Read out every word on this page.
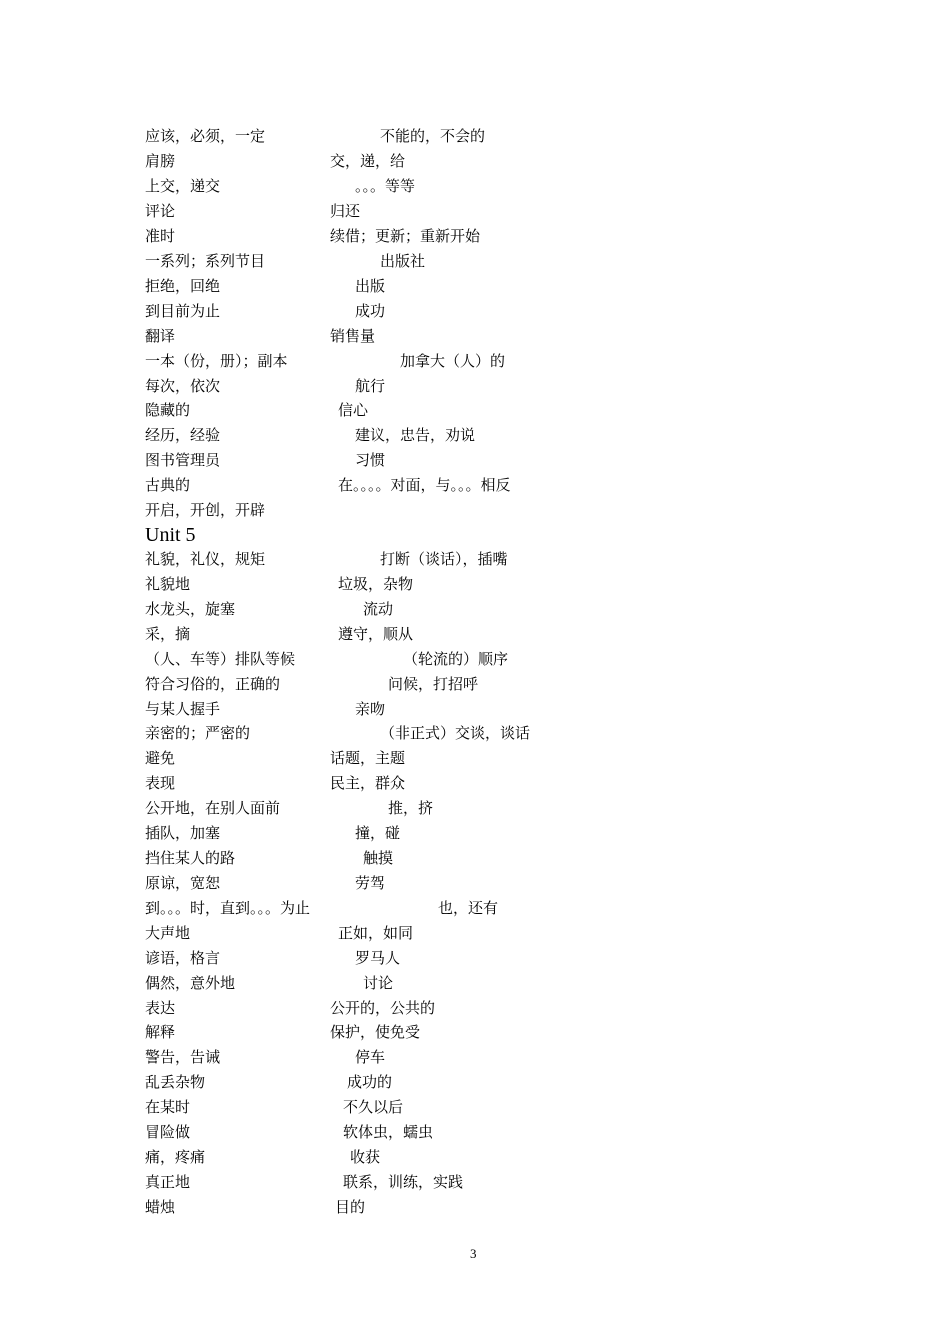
应该，必须，一定	不能的，不会的
肩膀	交，递，给
上交，递交	。。。等等
评论	归还
准时	续借；更新；重新开始
一系列；系列节目	出版社
拒绝，回绝	出版
到目前为止	成功
翻译	销售量
一本（份，册）；副本	加拿大（人）的
每次，依次	航行
隐藏的	信心
经历，经验	建议，忠告，劝说
图书管理员	习惯
古典的	在。。。。对面，与。。。相反
开启，开创，开辟
Unit 5
礼貌，礼仪，规矩	打断（谈话），插嘴
礼貌地	垃圾，杂物
水龙头，旋塞	流动
采，摘	遵守，顺从
（人、车等）排队等候	（轮流的）顺序
符合习俗的，正确的	问候，打招呼
与某人握手	亲吻
亲密的；严密的	（非正式）交谈，谈话
避免	话题，主题
表现	民主，群众
公开地，在别人面前	推，挤
插队，加塞	撞，碰
挡住某人的路	触摸
原谅，宽恕	劳驾
到。。。时，直到。。。为止	也，还有
大声地	正如，如同
谚语，格言	罗马人
偶然，意外地	讨论
表达	公开的，公共的
解释	保护，使免受
警告，告诫	停车
乱丢杂物	成功的
在某时	不久以后
冒险做	软体虫，蠕虫
痛，疼痛	收获
真正地	联系，训练，实践
蜡烛	目的
3
